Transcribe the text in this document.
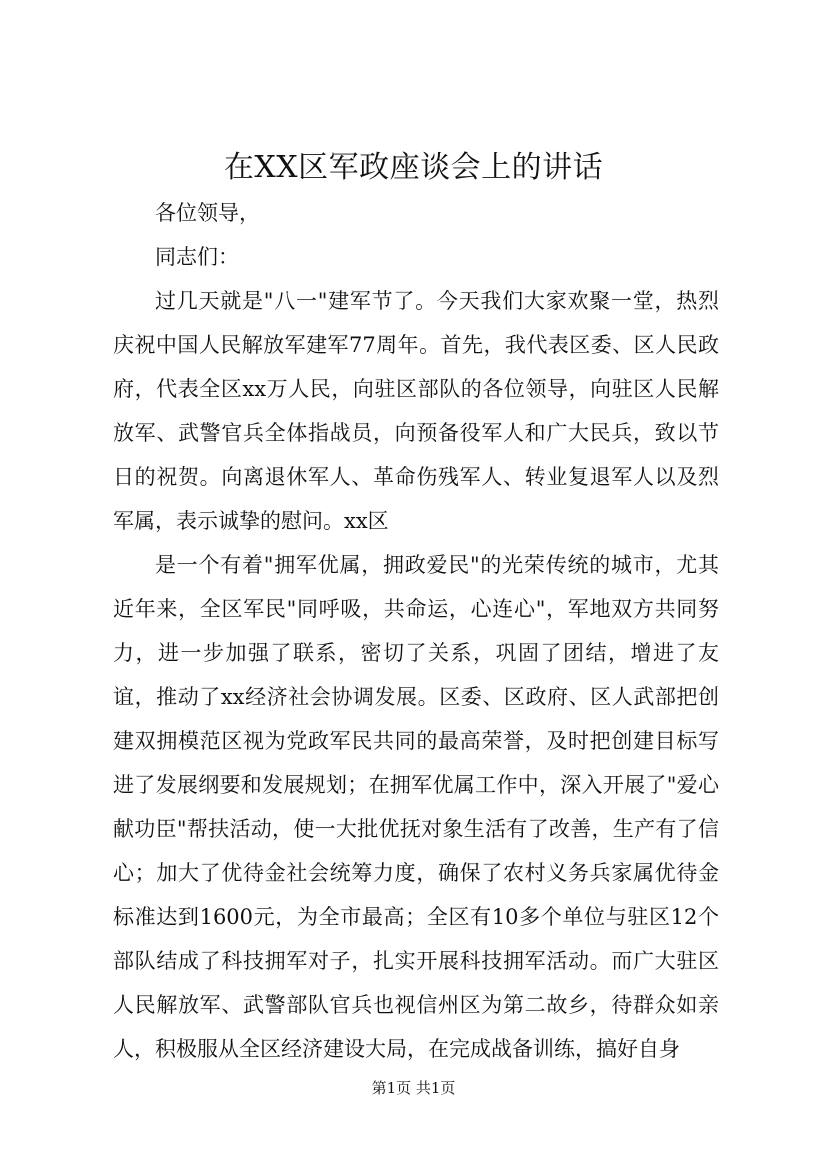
在XX区军政座谈会上的讲话

各位领导，

同志们：

过几天就是"八一"建军节了。今天我们大家欢聚一堂，热烈庆祝中国人民解放军建军77周年。首先，我代表区委、区人民政府，代表全区xx万人民，向驻区部队的各位领导，向驻区人民解放军、武警官兵全体指战员，向预备役军人和广大民兵，致以节日的祝贺。向离退休军人、革命伤残军人、转业复退军人以及烈军属，表示诚挚的慰问。xx区

是一个有着"拥军优属，拥政爱民"的光荣传统的城市，尤其近年来，全区军民"同呼吸，共命运，心连心"，军地双方共同努力，进一步加强了联系，密切了关系，巩固了团结，增进了友谊，推动了xx经济社会协调发展。区委、区政府、区人武部把创建双拥模范区视为党政军民共同的最高荣誉，及时把创建目标写进了发展纲要和发展规划；在拥军优属工作中，深入开展了"爱心献功臣"帮扶活动，使一大批优抚对象生活有了改善，生产有了信心；加大了优待金社会统筹力度，确保了农村义务兵家属优待金标准达到1600元，为全市最高；全区有10多个单位与驻区12个部队结成了科技拥军对子，扎实开展科技拥军活动。而广大驻区人民解放军、武警部队官兵也视信州区为第二故乡，待群众如亲人，积极服从全区经济建设大局，在完成战备训练，搞好自身

第1页 共1页
